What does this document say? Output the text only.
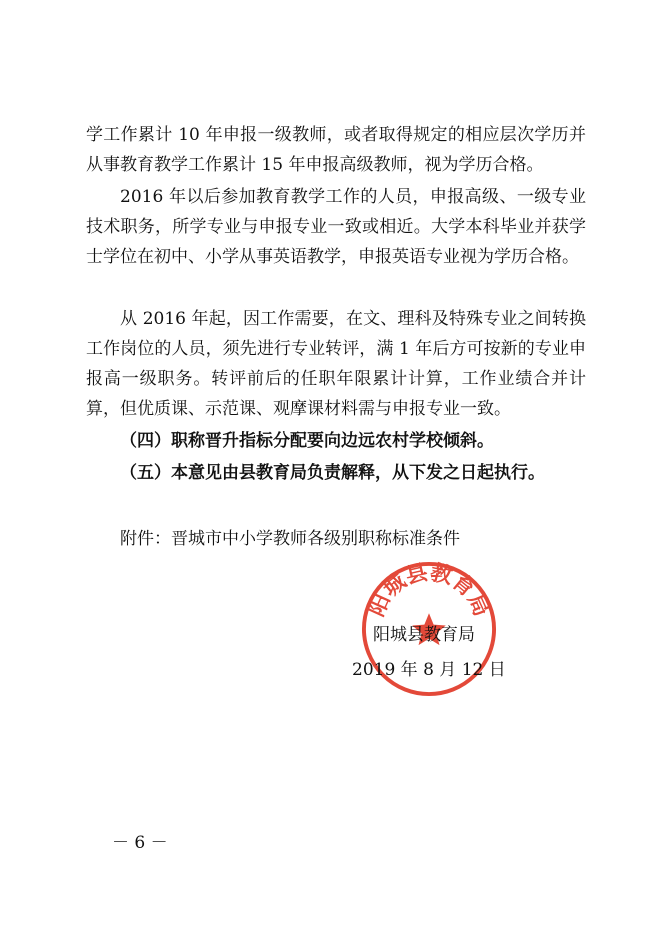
学工作累计 10 年申报一级教师，或者取得规定的相应层次学历并从事教育教学工作累计 15 年申报高级教师，视为学历合格。

2016 年以后参加教育教学工作的人员，申报高级、一级专业技术职务，所学专业与申报专业一致或相近。大学本科毕业并获学士学位在初中、小学从事英语教学，申报英语专业视为学历合格。

从 2016 年起，因工作需要，在文、理科及特殊专业之间转换工作岗位的人员，须先进行专业转评，满 1 年后方可按新的专业申报高一级职务。转评前后的任职年限累计计算，工作业绩合并计算，但优质课、示范课、观摩课材料需与申报专业一致。

（四）职称晋升指标分配要向边远农村学校倾斜。

（五）本意见由县教育局负责解释，从下发之日起执行。

附件：晋城市中小学教师各级别职称标准条件
阳城县教育局
阳城县教育局
2019 年 8 月 12 日
－ 6 －
